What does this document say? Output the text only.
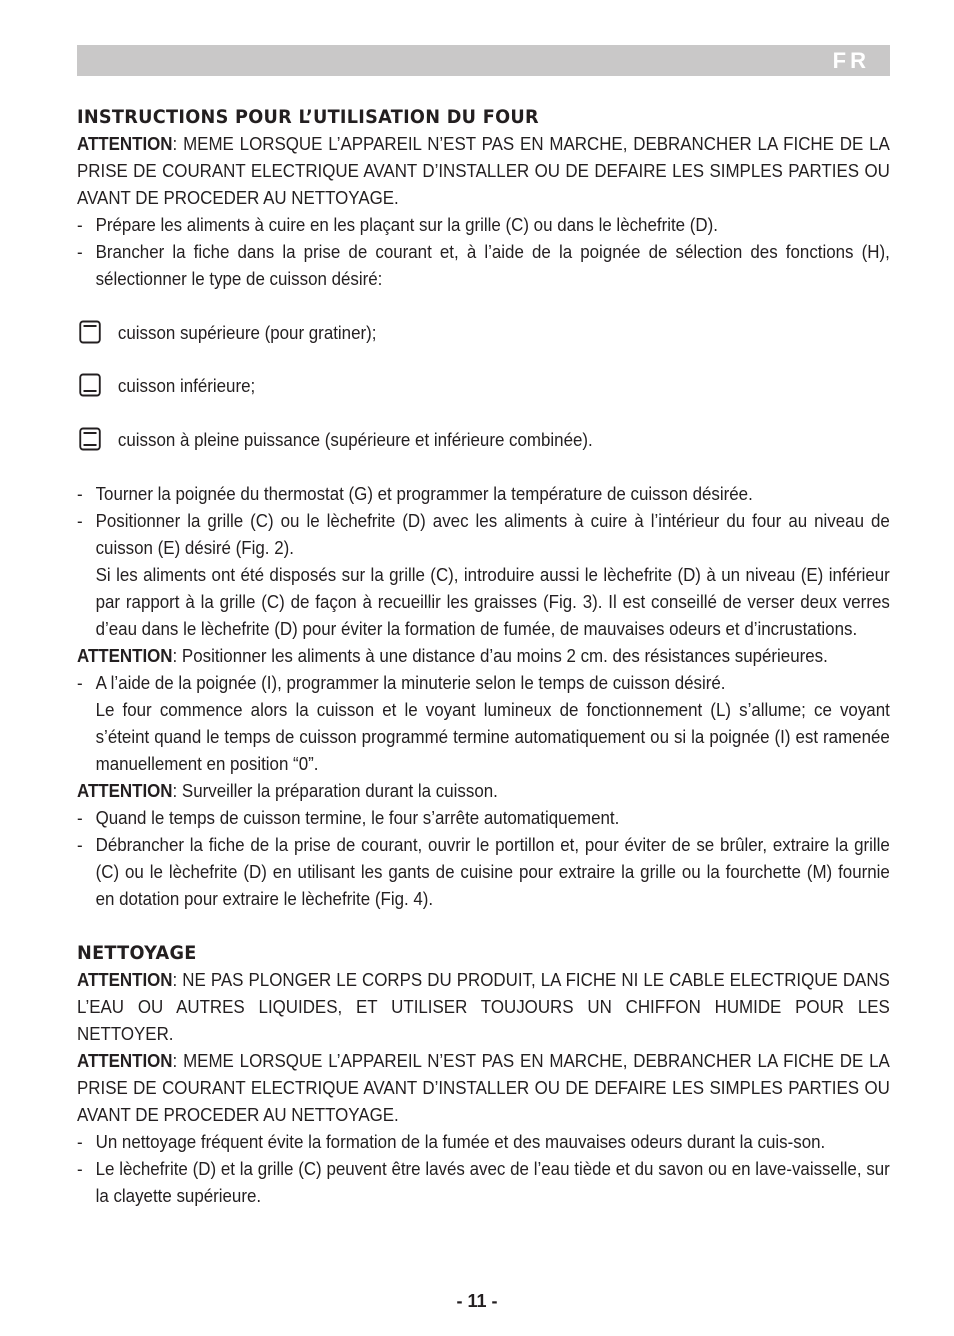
FR
INSTRUCTIONS POUR L’UTILISATION DU FOUR

ATTENTION: MEME LORSQUE L’APPAREIL N’EST PAS EN MARCHE, DEBRANCHER LA FICHE DE LA PRISE DE COURANT ELECTRIQUE AVANT D’INSTALLER OU DE DEFAIRE LES SIMPLES PARTIES OU AVANT DE PROCEDER AU NETTOYAGE.

- Prépare les aliments à cuire en les plaçant sur la grille (C) ou dans le lèchefrite (D).
- Brancher la fiche dans la prise de courant et, à l’aide de la poignée de sélection des fonctions (H), sélectionner le type de cuisson désiré:
cuisson supérieure (pour gratiner);
cuisson inférieure;
cuisson à pleine puissance (supérieure et inférieure combinée).
- Tourner la poignée du thermostat (G) et programmer la température de cuisson désirée.
- Positionner la grille (C) ou le lèchefrite (D) avec les aliments à cuire à l’intérieur du four au niveau de cuisson (E) désiré (Fig. 2).

Si les aliments ont été disposés sur la grille (C), introduire aussi le lèchefrite (D) à un niveau (E) inférieur par rapport à la grille (C) de façon à recueillir les graisses (Fig. 3). Il est conseillé de verser deux verres d’eau dans le lèchefrite (D) pour éviter la formation de fumée, de mauvaises odeurs et d’incrustations.

ATTENTION: Positionner les aliments à une distance d’au moins 2 cm. des résistances supérieures.

- A l’aide de la poignée (I), programmer la minuterie selon le temps de cuisson désiré.

Le four commence alors la cuisson et le voyant lumineux de fonctionnement (L) s’allume; ce voyant s’éteint quand le temps de cuisson programmé termine automatiquement ou si la poignée (I) est ramenée manuellement en position “0”.

ATTENTION: Surveiller la préparation durant la cuisson.

- Quand le temps de cuisson termine, le four s’arrête automatiquement.
- Débrancher la fiche de la prise de courant, ouvrir le portillon et, pour éviter de se brûler, extraire la grille (C) ou le lèchefrite (D) en utilisant les gants de cuisine pour extraire la grille ou la fourchette (M) fournie en dotation pour extraire le lèchefrite (Fig. 4).
NETTOYAGE

ATTENTION: NE PAS PLONGER LE CORPS DU PRODUIT, LA FICHE NI LE CABLE ELECTRIQUE DANS L’EAU OU AUTRES LIQUIDES, ET UTILISER TOUJOURS UN CHIFFON HUMIDE POUR LES NETTOYER.

ATTENTION: MEME LORSQUE L’APPAREIL N’EST PAS EN MARCHE, DEBRANCHER LA FICHE DE LA PRISE DE COURANT ELECTRIQUE AVANT D’INSTALLER OU DE DEFAIRE LES SIMPLES PARTIES OU AVANT DE PROCEDER AU NETTOYAGE.

- Un nettoyage fréquent évite la formation de la fumée et des mauvaises odeurs durant la cuis-son.
- Le lèchefrite (D) et la grille (C) peuvent être lavés avec de l’eau tiède et du savon ou en lave-vaisselle, sur la clayette supérieure.
- 11 -
